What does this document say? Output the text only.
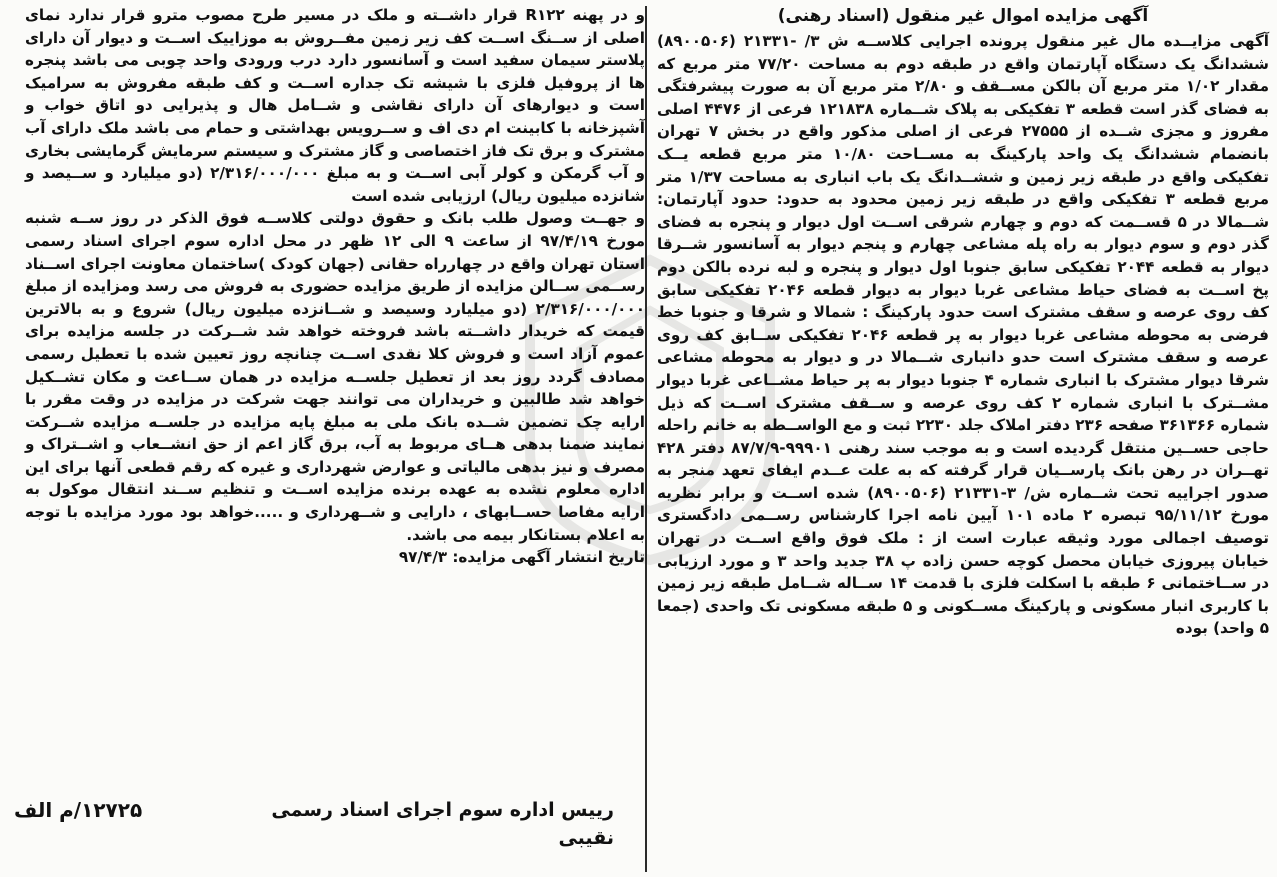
آگهی مزایده اموال غیر منقول (اسناد رهنی)

آگهی مزایــده مال غیر منقول پرونده اجرایی کلاســه ش ۳/ -۲۱۳۳۱ (۸۹۰۰۵۰۶) ششدانگ یک دستگاه آپارتمان واقع در طبقه دوم به مساحت ۷۷/۲۰ متر مربع که مقدار ۱/۰۲ متر مربع آن بالکن مســقف و ۲/۸۰ متر مربع آن به صورت پیشرفتگی به فضای گذر است قطعه ۳ تفکیکی به پلاک شــماره ۱۲۱۸۳۸ فرعی از ۴۴۷۶ اصلی مفروز و مجزی شــده از ۲۷۵۵۵ فرعی از اصلی مذکور واقع در بخش ۷ تهران بانضمام ششدانگ یک واحد پارکینگ به مســاحت ۱۰/۸۰ متر مربع قطعه یــک تفکیکی واقع در طبقه زیر زمین و ششــدانگ یک باب انباری به مساحت ۱/۳۷ متر مربع قطعه ۳ تفکیکی واقع در طبقه زیر زمین محدود به حدود: حدود آپارتمان: شــمالا در ۵ قســمت که دوم و چهارم شرقی اســت اول دیوار و پنجره به فضای گذر دوم و سوم دیوار به راه پله مشاعی چهارم و پنجم دیوار به آسانسور شــرقا دیوار به قطعه ۲۰۴۴ تفکیکی سابق جنوبا اول دیوار و پنجره و لبه نرده بالکن دوم پخ اســت به فضای حیاط مشاعی غربا دیوار به دیوار قطعه ۲۰۴۶ تفکیکی سابق کف روی عرصه و سقف مشترک است حدود پارکینگ : شمالا و شرقا و جنوبا خط فرضی به محوطه مشاعی غربا دیوار به پر قطعه ۲۰۴۶ تفکیکی ســابق کف روی عرصه و سقف مشترک است حدو دانباری شــمالا در و دیوار به محوطه مشاعی شرقا دیوار مشترک با انباری شماره ۴ جنوبا دیوار به پر حیاط مشــاعی غربا دیوار مشــترک با انباری شماره ۲ کف روی عرصه و ســقف مشترک اســت که ذیل شماره ۳۶۱۳۶۶ صفحه ۲۳۶ دفتر املاک جلد ۲۲۳۰ ثبت و مع الواســطه به خانم راحله حاجی حســین منتقل گردیده است و به موجب سند رهنی ۹۹۹۰۱-۸۷/۷/۹ دفتر ۴۲۸ تهــران در رهن بانک پارســیان قرار گرفته که به علت عــدم ایفای تعهد منجر به صدور اجراییه تحت شــماره ش/ ۳-۲۱۳۳۱ (۸۹۰۰۵۰۶) شده اســت و برابر نظریه مورخ ۹۵/۱۱/۱۲ تبصره ۲ ماده ۱۰۱ آیین نامه اجرا کارشناس رســمی دادگستری توصیف اجمالی مورد وثیقه عبارت است از : ملک فوق واقع اســت در تهران خیابان پیروزی خیابان محصل کوچه حسن زاده پ ۳۸ جدید واحد ۳ و مورد ارزیابی در ســاختمانی ۶ طبقه با اسکلت فلزی با قدمت ۱۴ ســاله شــامل طبقه زیر زمین با کاربری انبار مسکونی و پارکینگ مســکونی و ۵ طبقه مسکونی تک واحدی (جمعا ۵ واحد) بوده

و در پهنه R۱۲۲ قرار داشــته و ملک در مسیر طرح مصوب مترو قرار ندارد نمای اصلی از ســنگ اســت کف زیر زمین مفــروش به موزاییک اســت و دیوار آن دارای پلاستر سیمان سفید است و آسانسور دارد درب ورودی واحد چوبی می باشد پنجره ها از پروفیل فلزی با شیشه تک جداره اســت و کف طبقه مفروش به سرامیک است و دیوارهای آن دارای نقاشی و شــامل هال و پذیرایی دو اتاق خواب و آشپزخانه با کابینت ام دی اف و ســرویس بهداشتی و حمام می باشد ملک دارای آب مشترک و برق تک فاز اختصاصی و گاز مشترک و سیستم سرمایش گرمایشی بخاری و آب گرمکن و کولر آبی اســت و به مبلغ ۲/۳۱۶/۰۰۰/۰۰۰ (دو میلیارد و ســیصد و شانزده میلیون ریال) ارزیابی شده است

و جهــت وصول طلب بانک و حقوق دولتی کلاســه فوق الذکر در روز ســه شنبه مورخ ۹۷/۴/۱۹ از ساعت ۹ الی ۱۲ ظهر در محل اداره سوم اجرای اسناد رسمی استان تهران واقع در چهارراه حقانی (جهان کودک )ساختمان معاونت اجرای اســناد رســمی ســالن مزایده از طریق مزایده حضوری به فروش می رسد ومزایده از مبلغ ۲/۳۱۶/۰۰۰/۰۰۰ (دو میلیارد وسیصد و شــانزده میلیون ریال) شروع و به بالاترین قیمت که خریدار داشــته باشد فروخته خواهد شد شــرکت در جلسه مزایده برای عموم آزاد است و فروش کلا نقدی اســت چنانچه روز تعیین شده با تعطیل رسمی مصادف گردد روز بعد از تعطیل جلســه مزایده در همان ســاعت و مکان تشــکیل خواهد شد طالبین و خریداران می توانند جهت شرکت در مزایده در وقت مقرر با ارایه چک تضمین شــده بانک ملی به مبلغ پایه مزایده در جلســه مزایده شــرکت نمایند ضمنا بدهی هــای مربوط به آب، برق گاز اعم از حق انشــعاب و اشــتراک و مصرف و نیز بدهی مالیاتی و عوارض شهرداری و غیره که رقم قطعی آنها برای این اداره معلوم نشده به عهده برنده مزایده اســت و تنظیم ســند انتقال موکول به ارایه مفاصا حســابهای ، دارایی و شــهرداری و .....خواهد بود مورد مزایده با توجه به اعلام بستانکار بیمه می باشد.

تاریخ انتشار آگهی مزایده: ۹۷/۴/۳

رییس اداره سوم اجرای اسناد رسمی
۱۲۷۲۵/م الف
نقیبی
